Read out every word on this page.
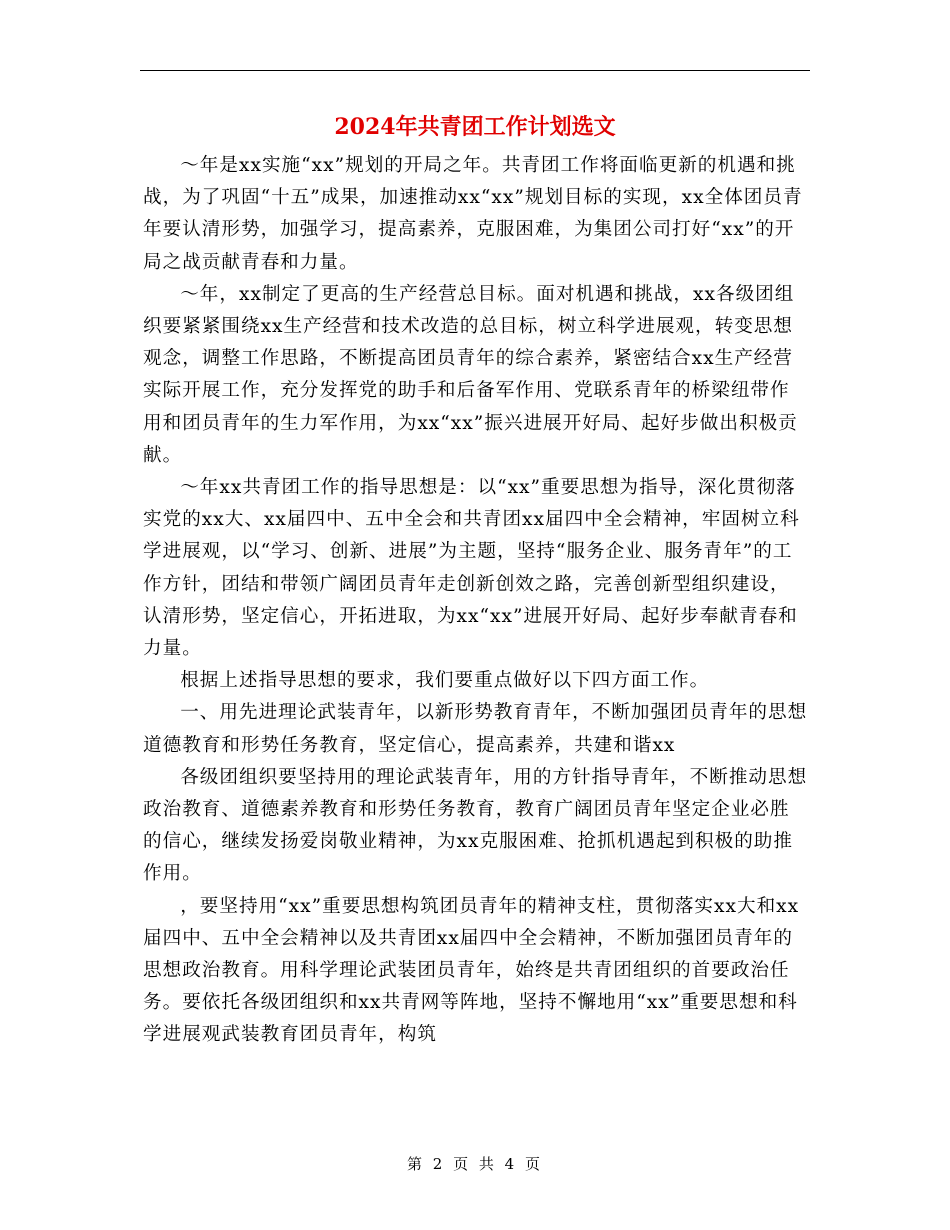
2024年共青团工作计划选文

～年是xx实施“xx”规划的开局之年。共青团工作将面临更新的机遇和挑战，为了巩固“十五”成果，加速推动xx“xx”规划目标的实现，xx全体团员青年要认清形势，加强学习，提高素养，克服困难，为集团公司打好“xx”的开局之战贡献青春和力量。

～年，xx制定了更高的生产经营总目标。面对机遇和挑战，xx各级团组织要紧紧围绕xx生产经营和技术改造的总目标，树立科学进展观，转变思想观念，调整工作思路，不断提高团员青年的综合素养，紧密结合xx生产经营实际开展工作，充分发挥党的助手和后备军作用、党联系青年的桥梁纽带作用和团员青年的生力军作用，为xx“xx”振兴进展开好局、起好步做出积极贡献。

～年xx共青团工作的指导思想是：以“xx”重要思想为指导，深化贯彻落实党的xx大、xx届四中、五中全会和共青团xx届四中全会精神，牢固树立科学进展观，以“学习、创新、进展”为主题，坚持“服务企业、服务青年”的工作方针，团结和带领广阔团员青年走创新创效之路，完善创新型组织建设，认清形势，坚定信心，开拓进取，为xx“xx”进展开好局、起好步奉献青春和力量。

根据上述指导思想的要求，我们要重点做好以下四方面工作。

一、用先进理论武装青年，以新形势教育青年，不断加强团员青年的思想道德教育和形势任务教育，坚定信心，提高素养，共建和谐xx

各级团组织要坚持用的理论武装青年，用的方针指导青年，不断推动思想政治教育、道德素养教育和形势任务教育，教育广阔团员青年坚定企业必胜的信心，继续发扬爱岗敬业精神，为xx克服困难、抢抓机遇起到积极的助推作用。

，要坚持用“xx”重要思想构筑团员青年的精神支柱，贯彻落实xx大和xx届四中、五中全会精神以及共青团xx届四中全会精神，不断加强团员青年的思想政治教育。用科学理论武装团员青年，始终是共青团组织的首要政治任务。要依托各级团组织和xx共青网等阵地，坚持不懈地用“xx”重要思想和科学进展观武装教育团员青年，构筑

第 2 页 共 4 页
